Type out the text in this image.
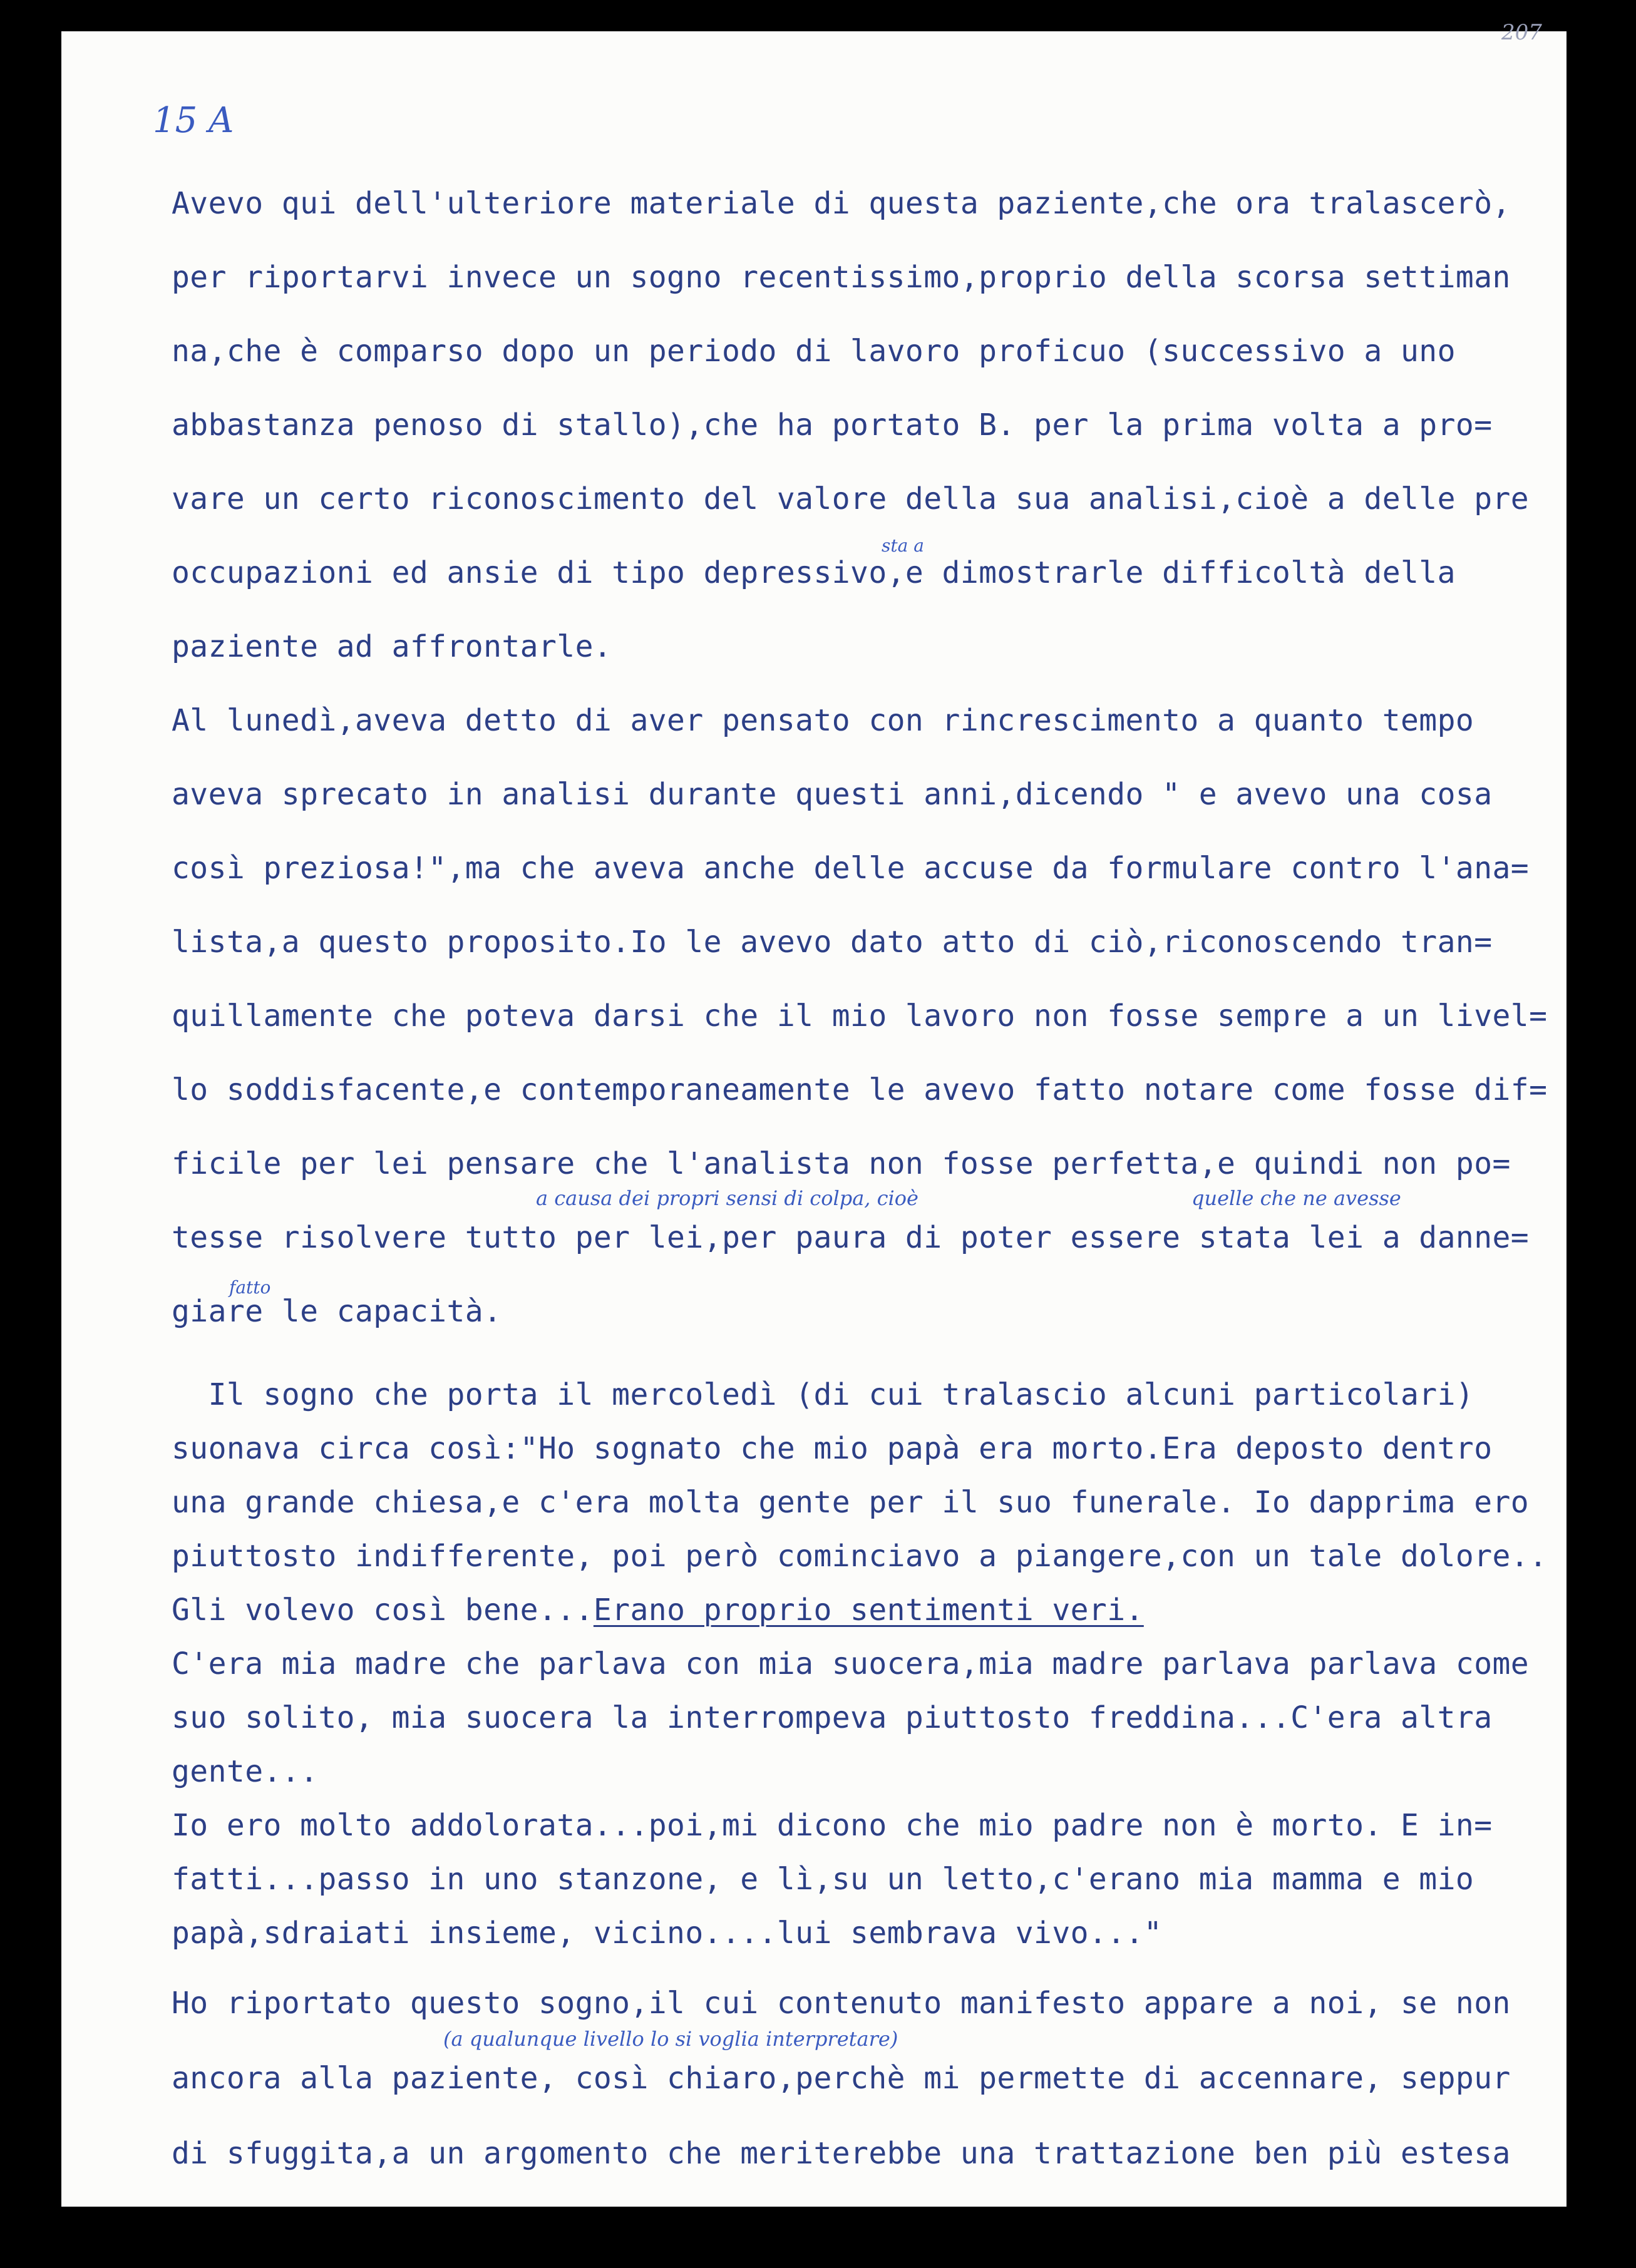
15 A

207

Avevo qui dell'ulteriore materiale di questa paziente,che ora tralascerò,

per riportarvi invece un sogno recentissimo,proprio della scorsa settiman

na,che è comparso dopo un periodo di lavoro proficuo (successivo a uno

abbastanza penoso di stallo),che ha portato B. per la prima volta a pro=

vare un certo riconoscimento del valore della sua analisi,cioè a delle pre

occupazioni ed ansie di tipo depressivo,e dimostrarle difficoltà della

paziente ad affrontarle.

Al lunedì,aveva detto di aver pensato con rincrescimento a quanto tempo

aveva sprecato in analisi durante questi anni,dicendo " e avevo una cosa

così preziosa!",ma che aveva anche delle accuse da formulare contro l'ana=

lista,a questo proposito.Io le avevo dato atto di ciò,riconoscendo tran=

quillamente che poteva darsi che il mio lavoro non fosse sempre a un livel=

lo soddisfacente,e contemporaneamente le avevo fatto notare come fosse dif=

ficile per lei pensare che l'analista non fosse perfetta,e quindi non po=

tesse risolvere tutto per lei,per paura di poter essere stata lei a danne=

giare le capacità.

Il sogno che porta il mercoledì (di cui tralascio alcuni particolari)

suonava circa così:"Ho sognato che mio papà era morto.Era deposto dentro

una grande chiesa,e c'era molta gente per il suo funerale. Io dapprima ero

piuttosto indifferente, poi però cominciavo a piangere,con un tale dolore..

Gli volevo così bene...Erano proprio sentimenti veri.

C'era mia madre che parlava con mia suocera,mia madre parlava parlava come

suo solito, mia suocera la interrompeva piuttosto freddina...C'era altra

gente...

Io ero molto addolorata...poi,mi dicono che mio padre non è morto. E in=

fatti...passo in uno stanzone, e lì,su un letto,c'erano mia mamma e mio

papà,sdraiati insieme, vicino....lui sembrava vivo..."

Ho riportato questo sogno,il cui contenuto manifesto appare a noi, se non

ancora alla paziente, così chiaro,perchè mi permette di accennare, seppur

di sfuggita,a un argomento che meriterebbe una trattazione ben più estesa

sta a

a causa dei propri sensi di colpa, cioè	quelle che ne avesse

fatto

(a qualunque livello lo si voglia interpretare)
